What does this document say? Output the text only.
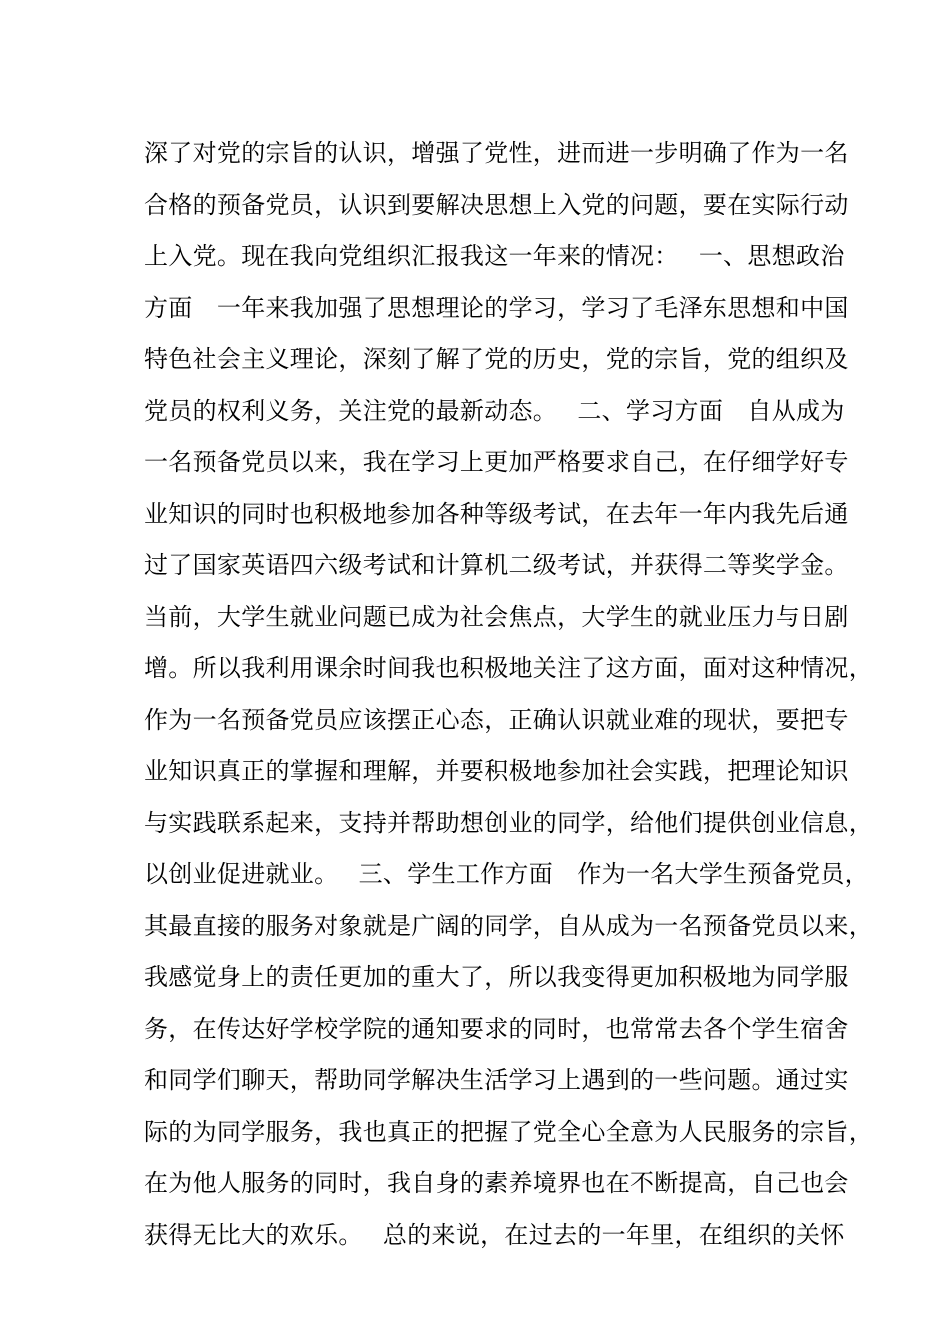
深了对党的宗旨的认识，增强了党性，进而进一步明确了作为一名
合格的预备党员，认识到要解决思想上入党的问题，要在实际行动
上入党。现在我向党组织汇报我这一年来的情况：　 一、思想政治
方面　一年来我加强了思想理论的学习，学习了毛泽东思想和中国
特色社会主义理论，深刻了解了党的历史，党的宗旨，党的组织及
党员的权利义务，关注党的最新动态。　 二、学习方面　自从成为
一名预备党员以来，我在学习上更加严格要求自己，在仔细学好专
业知识的同时也积极地参加各种等级考试，在去年一年内我先后通
过了国家英语四六级考试和计算机二级考试，并获得二等奖学金。
当前，大学生就业问题已成为社会焦点，大学生的就业压力与日剧
增。所以我利用课余时间我也积极地关注了这方面，面对这种情况，
作为一名预备党员应该摆正心态，正确认识就业难的现状，要把专
业知识真正的掌握和理解，并要积极地参加社会实践，把理论知识
与实践联系起来，支持并帮助想创业的同学，给他们提供创业信息，
以创业促进就业。　 三、学生工作方面　作为一名大学生预备党员，
其最直接的服务对象就是广阔的同学，自从成为一名预备党员以来，
我感觉身上的责任更加的重大了，所以我变得更加积极地为同学服
务，在传达好学校学院的通知要求的同时，也常常去各个学生宿舍
和同学们聊天，帮助同学解决生活学习上遇到的一些问题。通过实
际的为同学服务，我也真正的把握了党全心全意为人民服务的宗旨，
在为他人服务的同时，我自身的素养境界也在不断提高，自己也会
获得无比大的欢乐。　 总的来说，在过去的一年里，在组织的关怀
